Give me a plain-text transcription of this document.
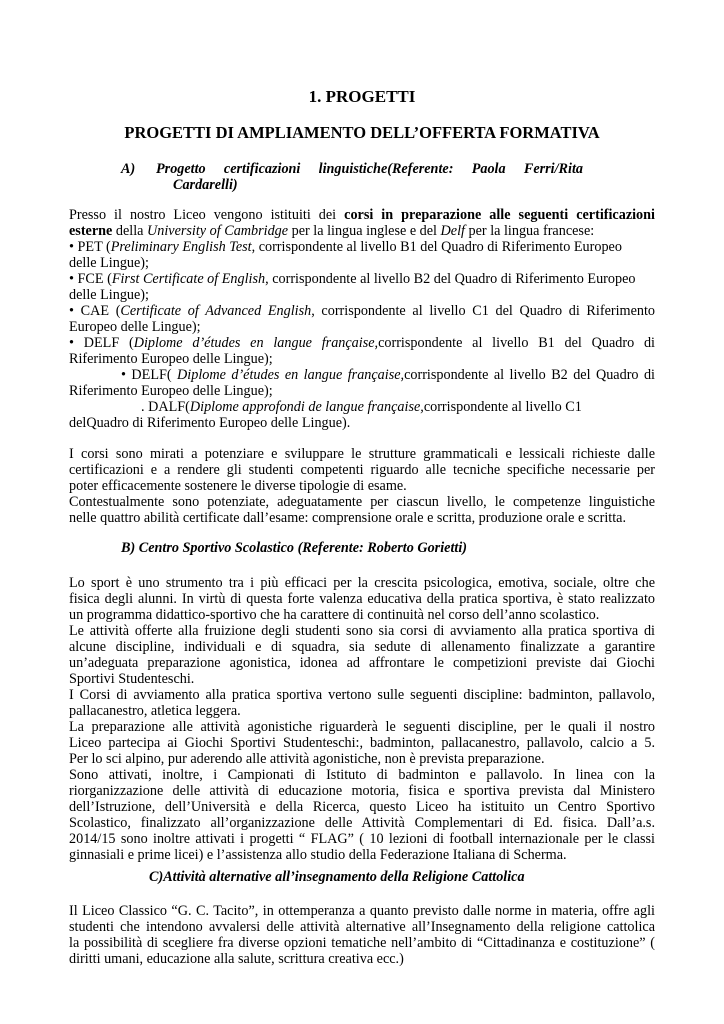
1. PROGETTI
PROGETTI DI AMPLIAMENTO DELL’OFFERTA FORMATIVA
A) Progetto certificazioni linguistiche(Referente: Paola Ferri/Rita
Cardarelli)
Presso il nostro Liceo vengono istituiti dei corsi in preparazione alle seguenti certificazioni
esterne della University of Cambridge per la lingua inglese e del Delf per la lingua francese:
• PET (Preliminary English Test, corrispondente al livello B1 del Quadro di Riferimento Europeo
delle Lingue);
• FCE (First Certificate of English, corrispondente al livello B2 del Quadro di Riferimento Europeo
delle Lingue);
• CAE (Certificate of Advanced English, corrispondente al livello C1 del Quadro di Riferimento
Europeo delle Lingue);
• DELF (Diplome d’études en langue française,corrispondente al livello B1 del Quadro di
Riferimento Europeo delle Lingue);
• DELF( Diplome d’études en langue française,corrispondente al livello B2 del Quadro di
Riferimento Europeo delle Lingue);
. DALF(Diplome approfondi de langue française,corrispondente al livello C1
delQuadro di Riferimento Europeo delle Lingue).
I corsi sono mirati a potenziare e sviluppare le strutture grammaticali e lessicali richieste dalle
certificazioni e a rendere gli studenti competenti riguardo alle tecniche specifiche necessarie per
poter efficacemente sostenere le diverse tipologie di esame.
Contestualmente sono potenziate, adeguatamente per ciascun livello, le competenze linguistiche
nelle quattro abilità certificate dall’esame: comprensione orale e scritta, produzione orale e scritta.
B) Centro Sportivo Scolastico (Referente: Roberto Gorietti)
Lo sport è uno strumento tra i più efficaci per la crescita psicologica, emotiva, sociale, oltre che
fisica degli alunni. In virtù di questa forte valenza educativa della pratica sportiva, è stato realizzato
un programma didattico-sportivo che ha carattere di continuità nel corso dell’anno scolastico.
Le attività offerte alla fruizione degli studenti sono sia corsi di avviamento alla pratica sportiva di
alcune discipline, individuali e di squadra, sia sedute di allenamento finalizzate a garantire
un’adeguata preparazione agonistica, idonea ad affrontare le competizioni previste dai Giochi
Sportivi Studenteschi.
I Corsi di avviamento alla pratica sportiva vertono sulle seguenti discipline: badminton, pallavolo,
pallacanestro, atletica leggera.
La preparazione alle attività agonistiche riguarderà le seguenti discipline, per le quali il nostro
Liceo partecipa ai Giochi Sportivi Studenteschi:, badminton, pallacanestro, pallavolo, calcio a 5.
Per lo sci alpino, pur aderendo alle attività agonistiche, non è prevista preparazione.
Sono attivati, inoltre, i Campionati di Istituto di badminton e pallavolo. In linea con la
riorganizzazione delle attività di educazione motoria, fisica e sportiva prevista dal Ministero
dell’Istruzione, dell’Università e della Ricerca, questo Liceo ha istituito un Centro Sportivo
Scolastico, finalizzato all’organizzazione delle Attività Complementari di Ed. fisica. Dall’a.s.
2014/15 sono inoltre attivati i progetti “ FLAG” ( 10 lezioni di football internazionale per le classi
ginnasiali e prime licei) e l’assistenza allo studio della Federazione Italiana di Scherma.
C)Attività alternative all’insegnamento della Religione Cattolica
Il Liceo Classico “G. C. Tacito”, in ottemperanza a quanto previsto dalle norme in materia, offre agli
studenti che intendono avvalersi delle attività alternative all’Insegnamento della religione cattolica
la possibilità di scegliere fra diverse opzioni tematiche nell’ambito di “Cittadinanza e costituzione” (
diritti umani, educazione alla salute, scrittura creativa ecc.)
